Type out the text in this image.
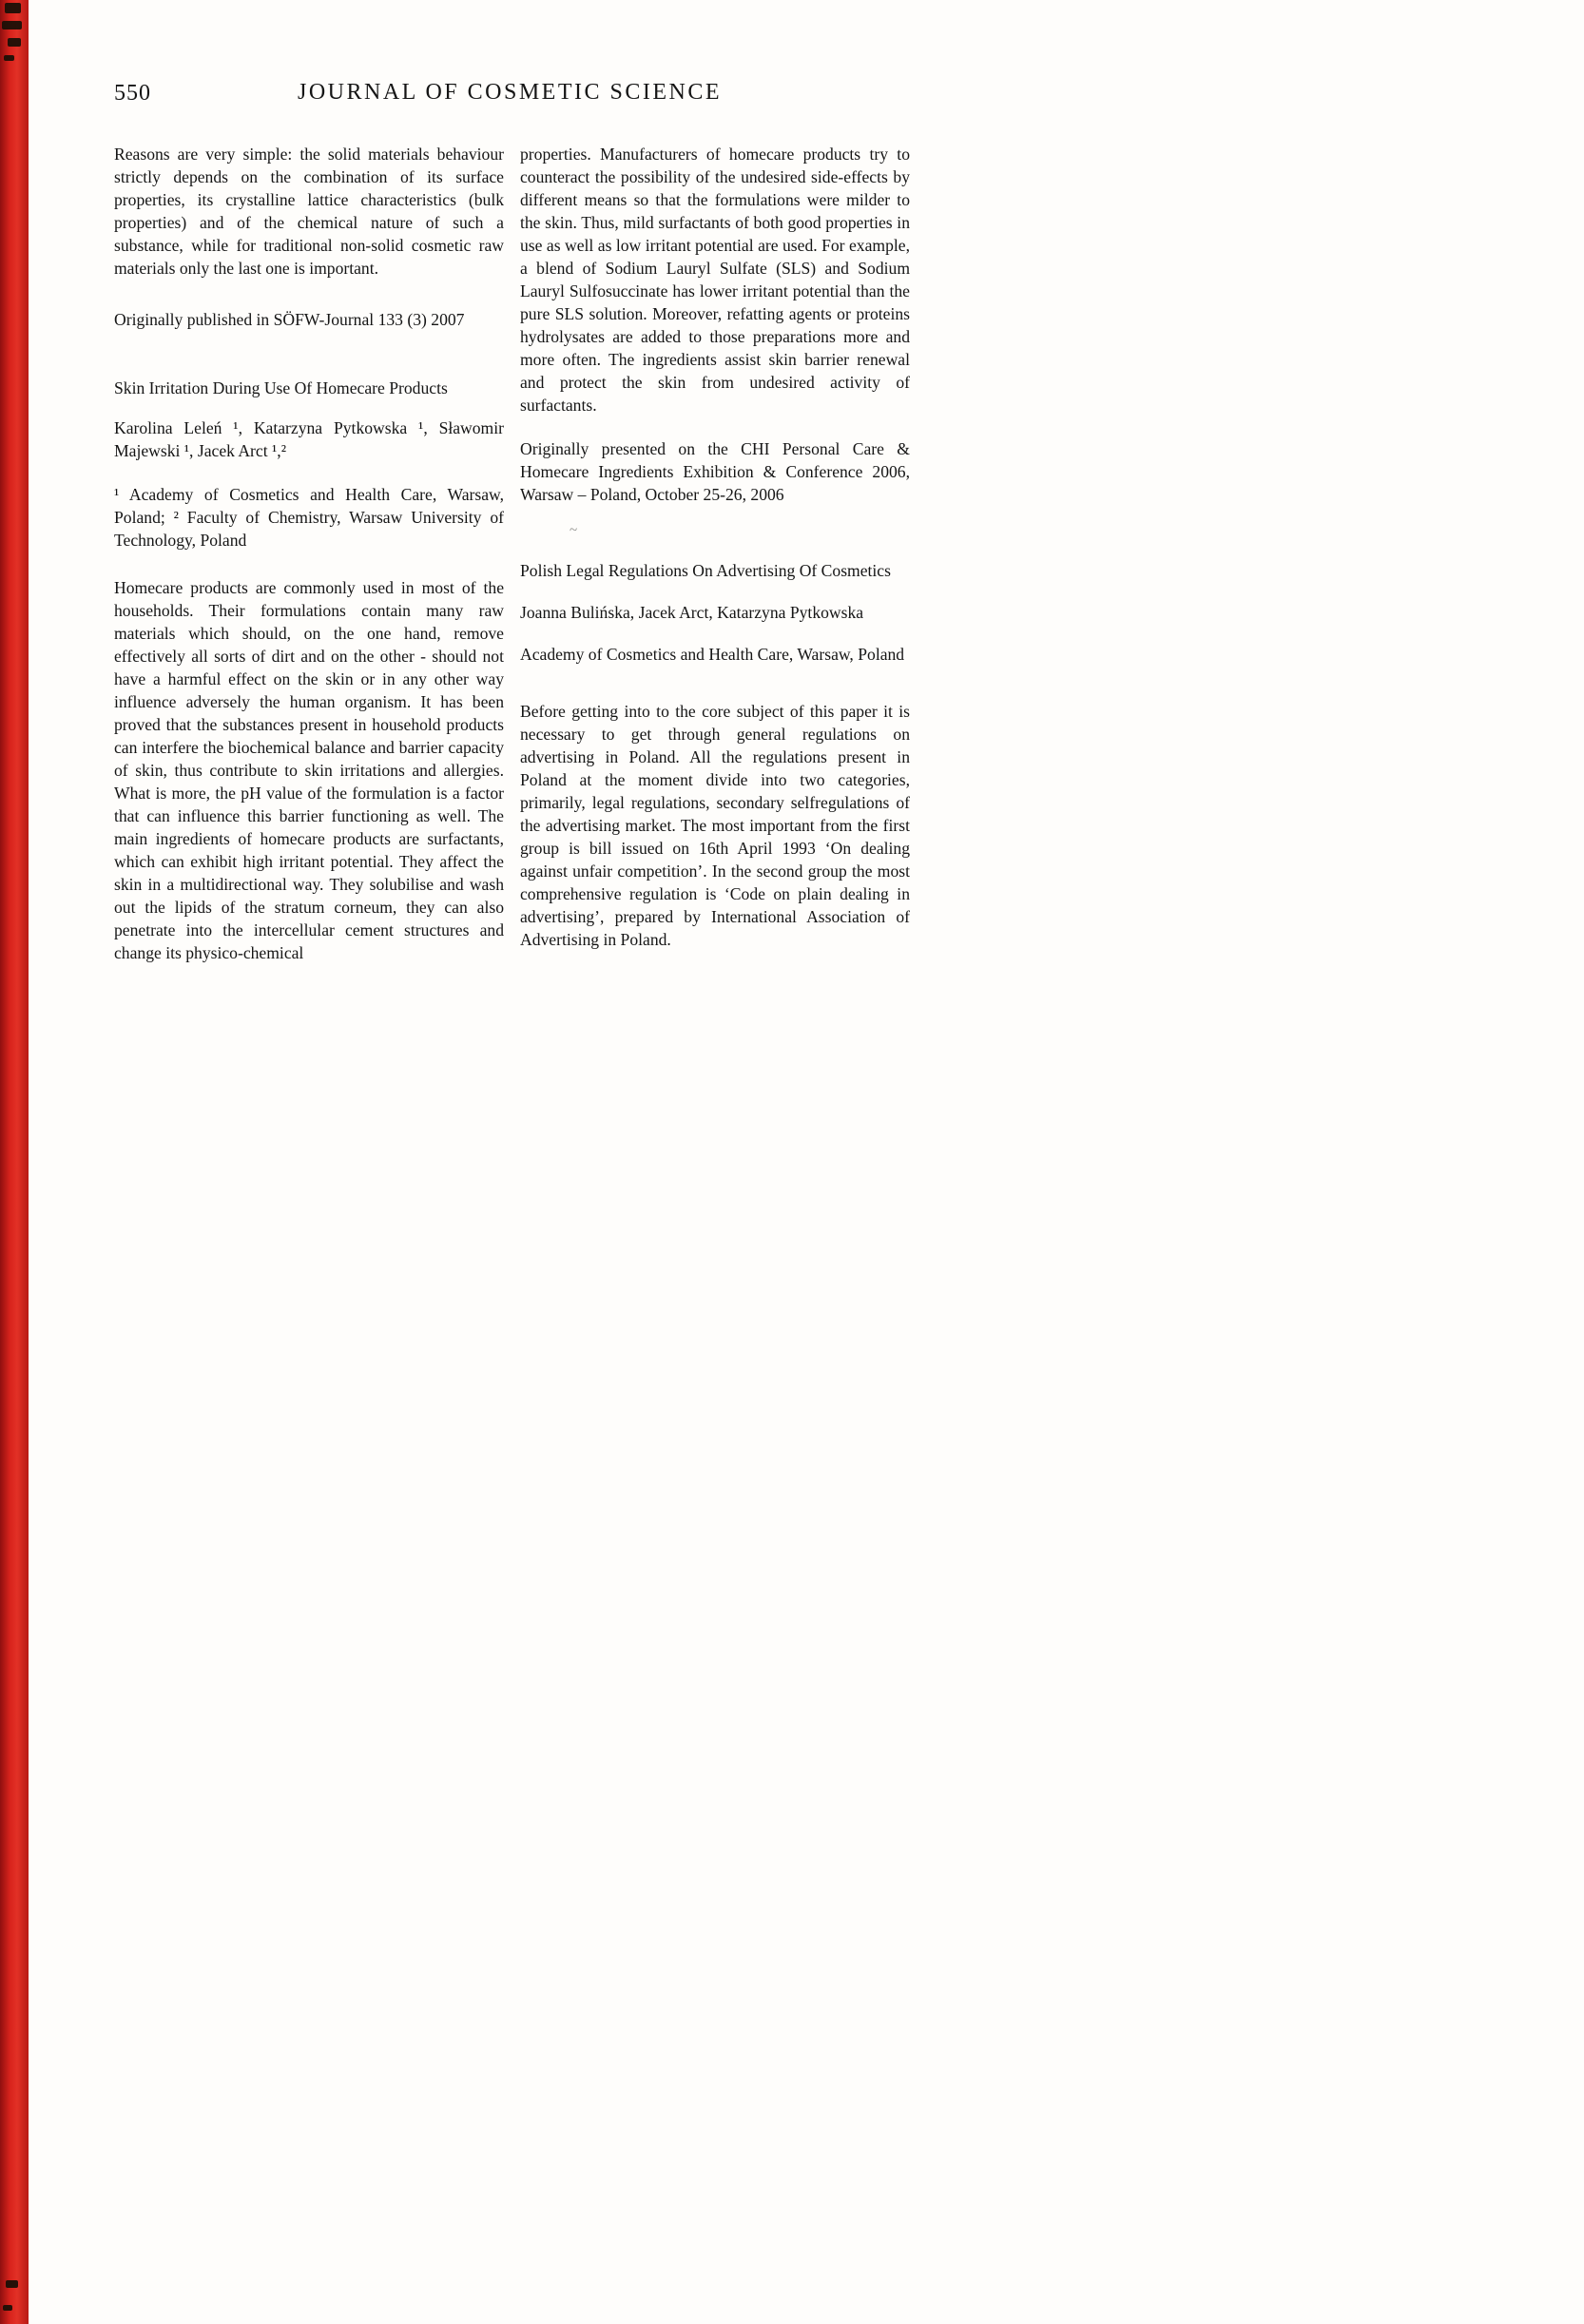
550	JOURNAL OF COSMETIC SCIENCE
Reasons are very simple: the solid materials behaviour strictly depends on the combination of its surface properties, its crystalline lattice characteristics (bulk properties) and of the chemical nature of such a substance, while for traditional non-solid cosmetic raw materials only the last one is important.
Originally published in SÖFW-Journal 133 (3) 2007
Skin Irritation During Use Of Homecare Products
Karolina Leleń ¹, Katarzyna Pytkowska ¹, Sławomir Majewski ¹, Jacek Arct ¹,²
¹ Academy of Cosmetics and Health Care, Warsaw, Poland; ² Faculty of Chemistry, Warsaw University of Technology, Poland
Homecare products are commonly used in most of the households. Their formulations contain many raw materials which should, on the one hand, remove effectively all sorts of dirt and on the other - should not have a harmful effect on the skin or in any other way influence adversely the human organism. It has been proved that the substances present in household products can interfere the biochemical balance and barrier capacity of skin, thus contribute to skin irritations and allergies. What is more, the pH value of the formulation is a factor that can influence this barrier functioning as well. The main ingredients of homecare products are surfactants, which can exhibit high irritant potential. They affect the skin in a multidirectional way. They solubilise and wash out the lipids of the stratum corneum, they can also penetrate into the intercellular cement structures and change its physico-chemical
properties. Manufacturers of homecare products try to counteract the possibility of the undesired side-effects by different means so that the formulations were milder to the skin. Thus, mild surfactants of both good properties in use as well as low irritant potential are used. For example, a blend of Sodium Lauryl Sulfate (SLS) and Sodium Lauryl Sulfosuccinate has lower irritant potential than the pure SLS solution. Moreover, refatting agents or proteins hydrolysates are added to those preparations more and more often. The ingredients assist skin barrier renewal and protect the skin from undesired activity of surfactants.
Originally presented on the CHI Personal Care & Homecare Ingredients Exhibition & Conference 2006, Warsaw – Poland, October 25-26, 2006
~
Polish Legal Regulations On Advertising Of Cosmetics
Joanna Bulińska, Jacek Arct, Katarzyna Pytkowska
Academy of Cosmetics and Health Care, Warsaw, Poland
Before getting into to the core subject of this paper it is necessary to get through general regulations on advertising in Poland. All the regulations present in Poland at the moment divide into two categories, primarily, legal regulations, secondary selfregulations of the advertising market. The most important from the first group is bill issued on 16th April 1993 ‘On dealing against unfair competition’. In the second group the most comprehensive regulation is ‘Code on plain dealing in advertising’, prepared by International Association of Advertising in Poland.
